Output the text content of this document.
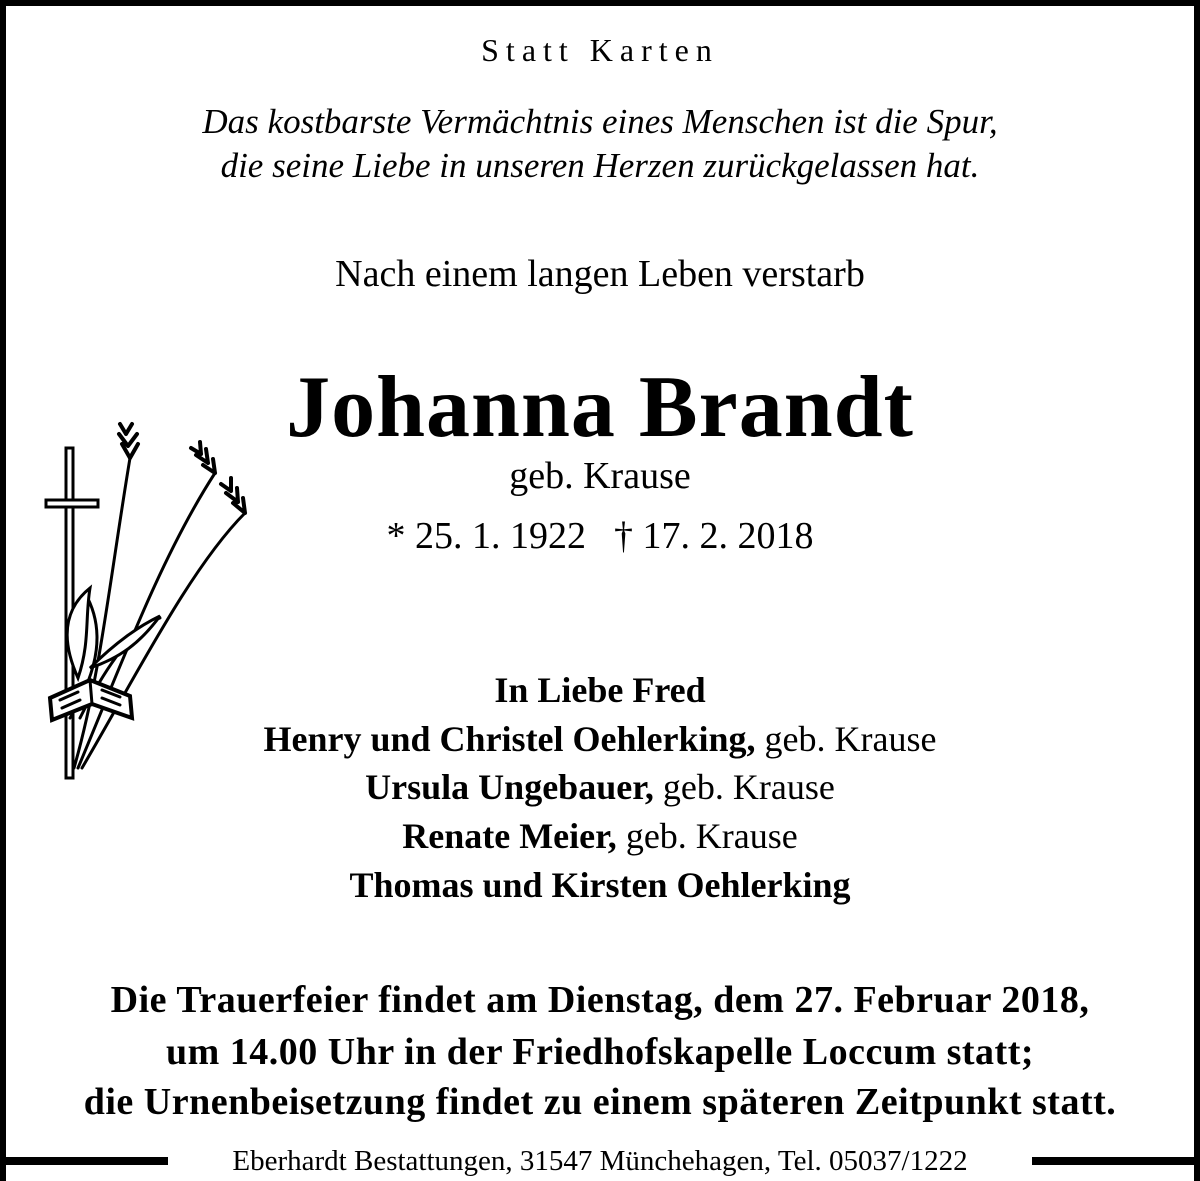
Statt Karten

Das kostbarste Vermächtnis eines Menschen ist die Spur,

die seine Liebe in unseren Herzen zurückgelassen hat.

Nach einem langen Leben verstarb

Johanna Brandt

geb. Krause

* 25. 1. 1922 † 17. 2. 2018

In Liebe Fred

Henry und Christel Oehlerking, geb. Krause

Ursula Ungebauer, geb. Krause

Renate Meier, geb. Krause

Thomas und Kirsten Oehlerking

Die Trauerfeier findet am Dienstag, dem 27. Februar 2018,

um 14.00 Uhr in der Friedhofskapelle Loccum statt;

die Urnenbeisetzung findet zu einem späteren Zeitpunkt statt.

Eberhardt Bestattungen, 31547 Münchehagen, Tel. 05037/1222
